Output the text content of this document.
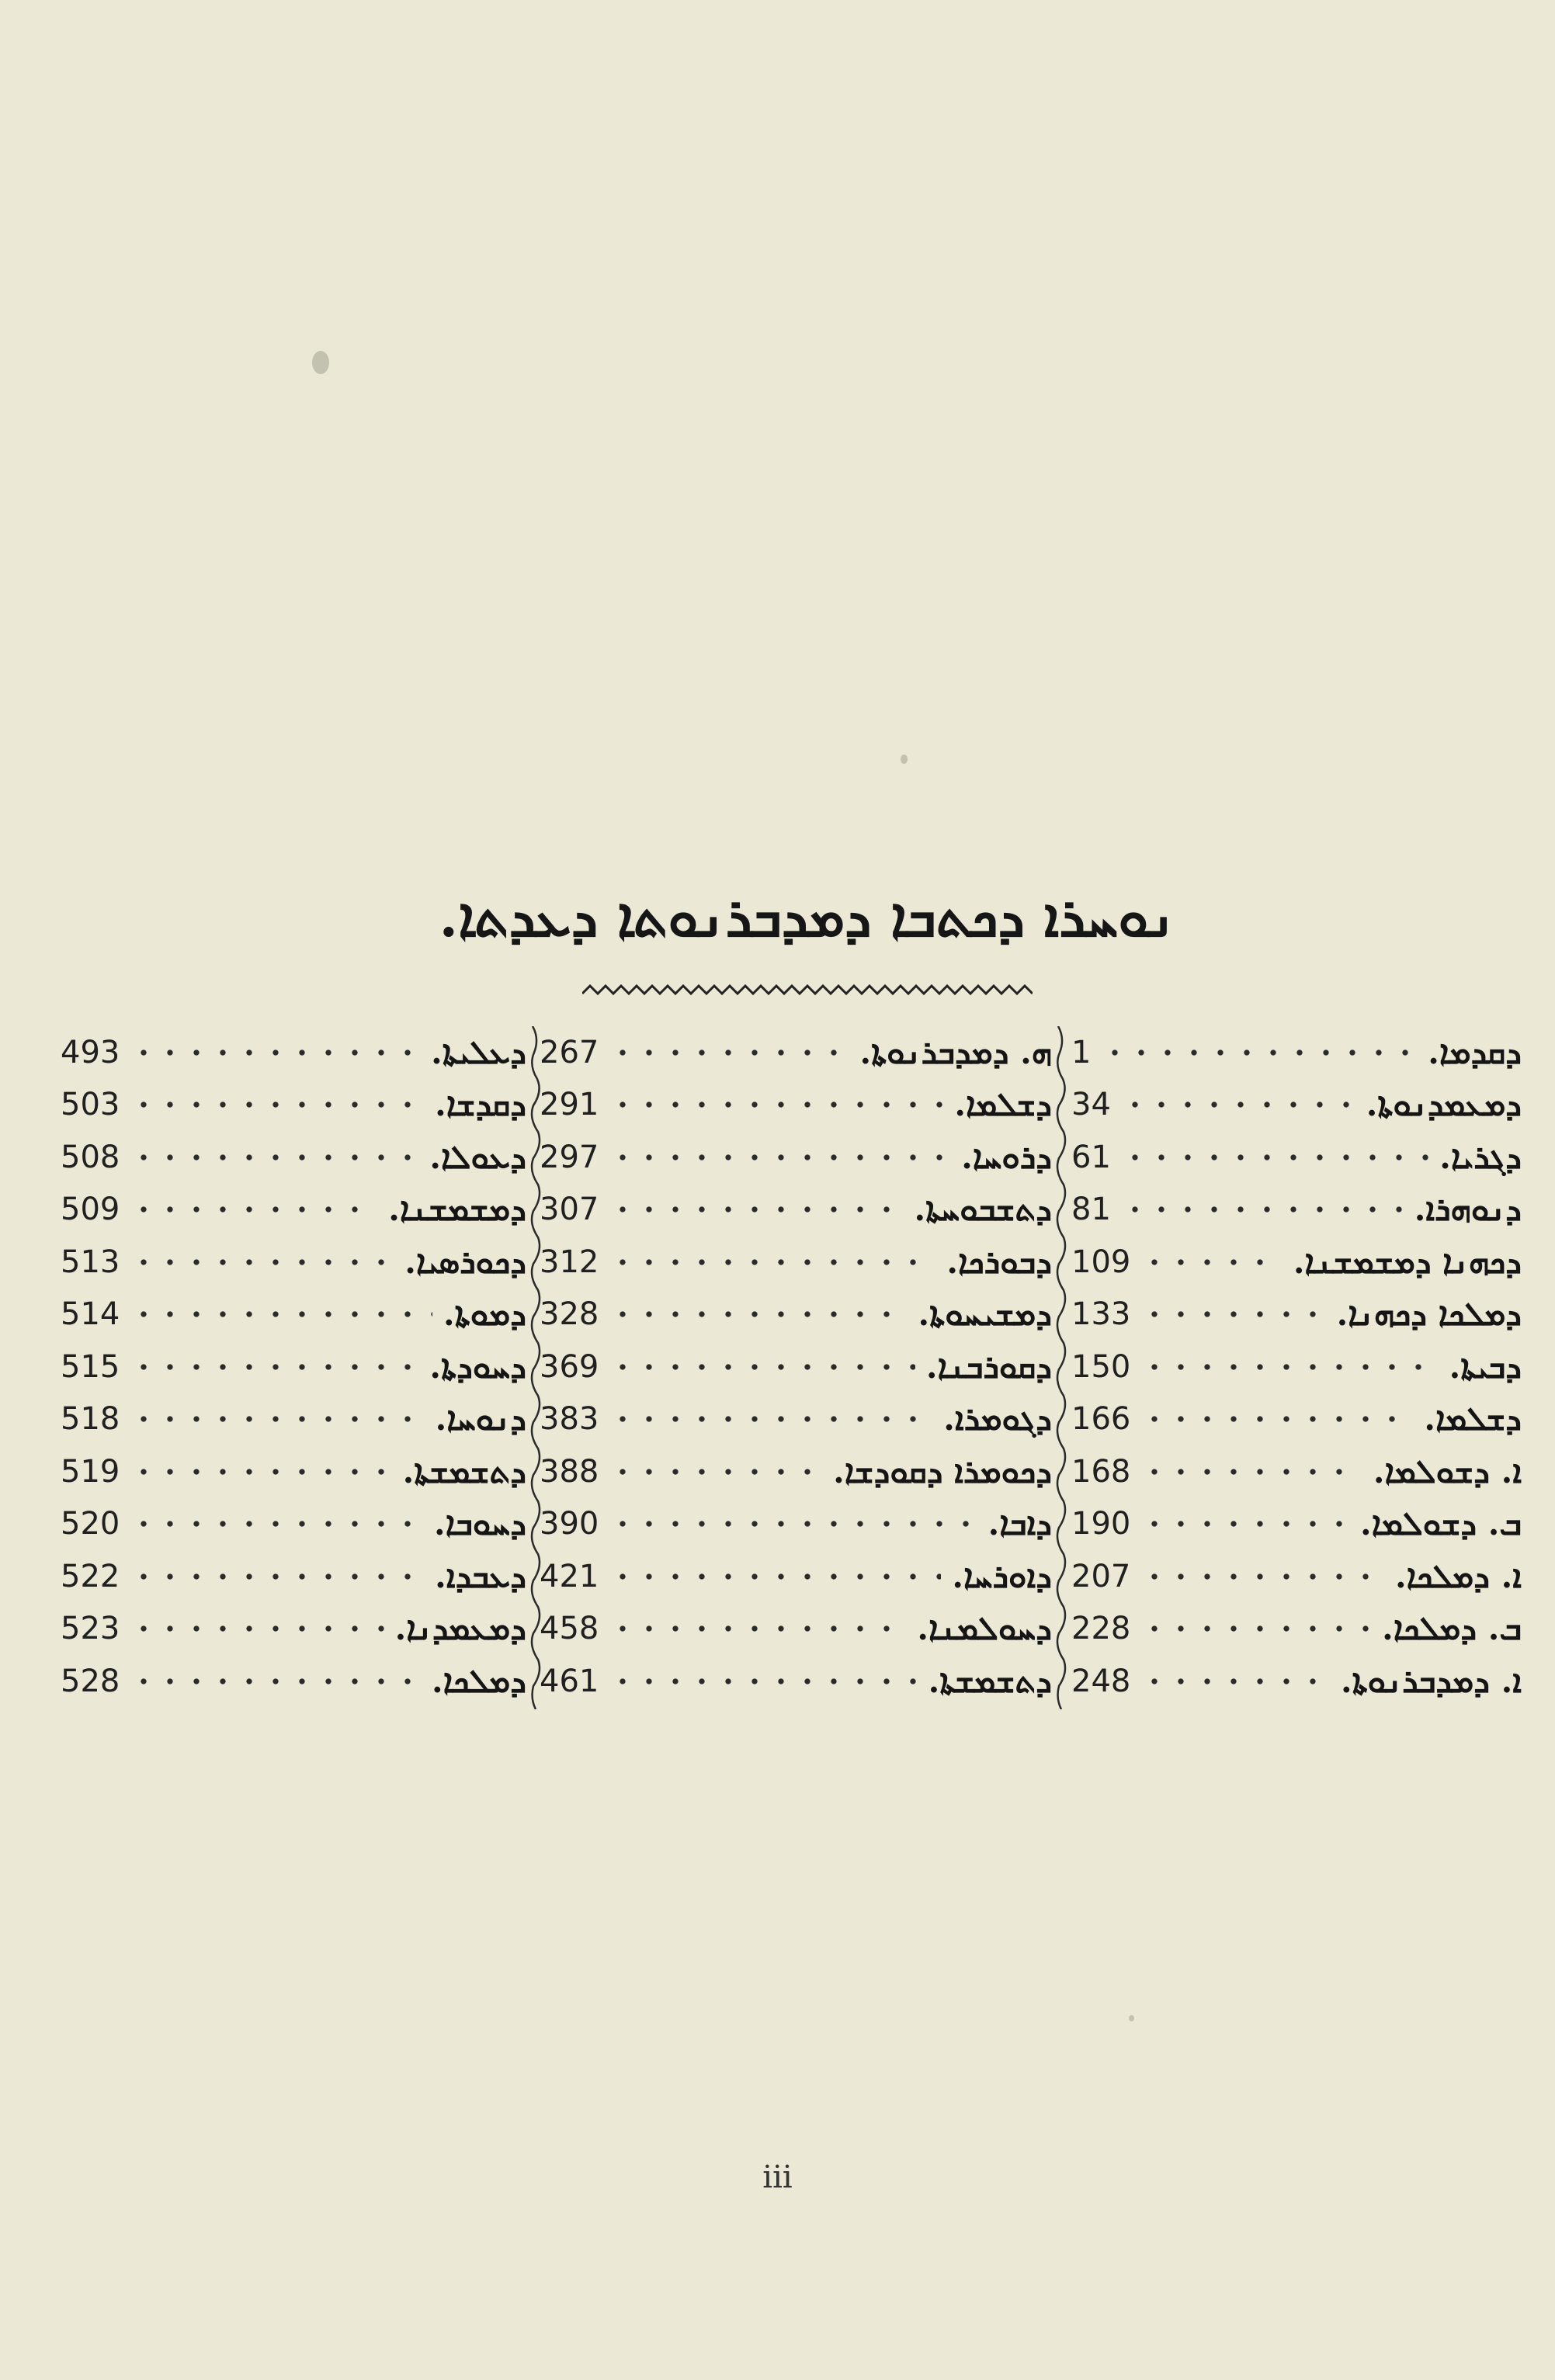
ܢܘܚܪܐ ܕܟܬܒܐ ܕܡܕܒܪܢܘܬܐ ܕܥܕܬܐ.
493	ܕܥܠܝܬܐ.
503	ܕܩܕܫܐ.
508	ܕܥܘܠܐ.
509	ܕܡܫܡܫܢܐ.
513	ܕܟܘܪܣܝܐ.
514	ܕܡܘܬܐ.
515	ܕܚܘܕܬܐ.
518	ܕܢܘܚܐ.
519	ܕܬܫܡܫܬܐ.
520	ܕܚܘܒܐ.
522	ܕܥܒܕܐ.
523	ܕܡܥܡܕܢܐ.
528	ܕܡܠܟܐ.
267	ܗ. ܕܡܕܒܪܢܘܬܐ.
291	ܕܫܠܡܐ.
297	ܕܪܘܚܐ.
307	ܕܬܫܒܘܚܬܐ.
312	ܕܒܘܪܟܐ.
328	ܕܡܫܝܚܘܬܐ.
369	ܕܩܘܪܒܢܐ.
383	ܕܓܘܡܪܐ.
388	ܕܟܘܡܪܐ ܕܩܘܕܫܐ.
390	ܕܐܒܐ.
421	ܕܐܘܪܚܐ.
458	ܕܚܘܠܡܢܐ.
461	ܕܬܫܡܫܬܐ.
1	ܕܩܕܡܐ.
34	ܕܡܥܡܕܢܘܬܐ.
61	ܕܓܪܝܐ.
81	ܕܢܘܗܪܐ.
109	ܕܟܗܢܐ ܕܡܫܡܫܢܐ.
133	ܕܡܠܟܐ ܕܟܗܢܐ.
150	ܕܒܝܬܐ.
166	ܕܫܠܡܐ.
168	ܐ. ܕܫܘܠܡܐ.
190	ܒ. ܕܫܘܠܡܐ.
207	ܐ. ܕܡܠܟܐ.
228	ܒ. ܕܡܠܟܐ.
248	ܐ. ܕܡܕܒܪܢܘܬܐ.
iii
